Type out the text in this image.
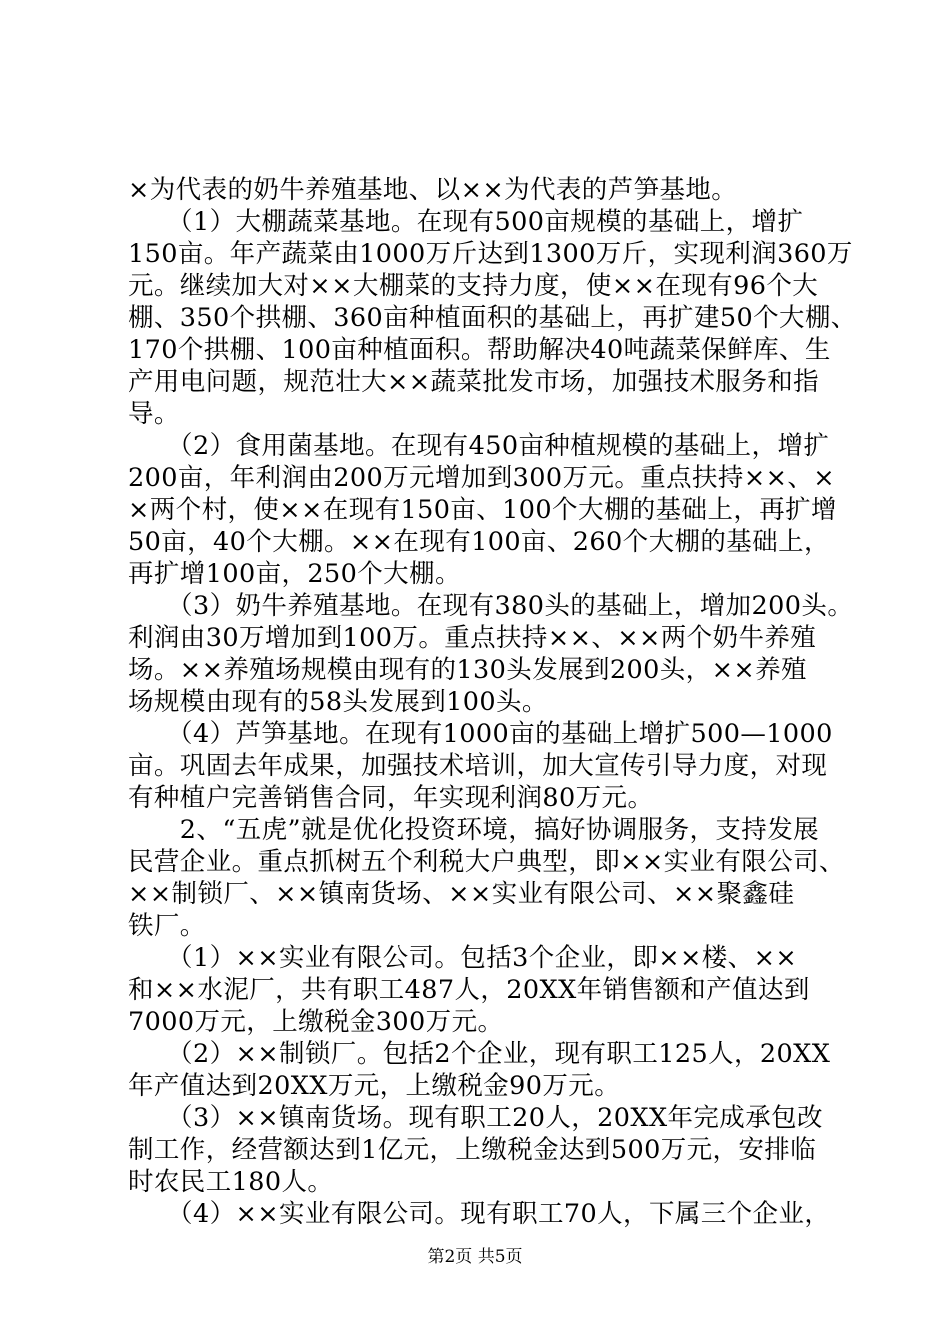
×为代表的奶牛养殖基地、以××为代表的芦笋基地。
　　（1）大棚蔬菜基地。在现有500亩规模的基础上，增扩
150亩。年产蔬菜由1000万斤达到1300万斤，实现利润360万
元。继续加大对××大棚菜的支持力度，使××在现有96个大
棚、350个拱棚、360亩种植面积的基础上，再扩建50个大棚、
170个拱棚、100亩种植面积。帮助解决40吨蔬菜保鲜库、生
产用电问题，规范壮大××蔬菜批发市场，加强技术服务和指
导。
　　（2）食用菌基地。在现有450亩种植规模的基础上，增扩
200亩，年利润由200万元增加到300万元。重点扶持××、×
×两个村，使××在现有150亩、100个大棚的基础上，再扩增
50亩，40个大棚。××在现有100亩、260个大棚的基础上，
再扩增100亩，250个大棚。
　　（3）奶牛养殖基地。在现有380头的基础上，增加200头。
利润由30万增加到100万。重点扶持××、××两个奶牛养殖
场。××养殖场规模由现有的130头发展到200头，××养殖
场规模由现有的58头发展到100头。
　　（4）芦笋基地。在现有1000亩的基础上增扩500—1000
亩。巩固去年成果，加强技术培训，加大宣传引导力度，对现
有种植户完善销售合同，年实现利润80万元。
　　2、“五虎”就是优化投资环境，搞好协调服务，支持发展
民营企业。重点抓树五个利税大户典型，即××实业有限公司、
××制锁厂、××镇南货场、××实业有限公司、××聚鑫硅
铁厂。
　　（1）××实业有限公司。包括3个企业，即××楼、××
和××水泥厂，共有职工487人，20XX年销售额和产值达到
7000万元，上缴税金300万元。
　　（2）××制锁厂。包括2个企业，现有职工125人，20XX
年产值达到20XX万元，上缴税金90万元。
　　（3）××镇南货场。现有职工20人，20XX年完成承包改
制工作，经营额达到1亿元，上缴税金达到500万元，安排临
时农民工180人。
　　（4）××实业有限公司。现有职工70人，下属三个企业，
第2页 共5页
